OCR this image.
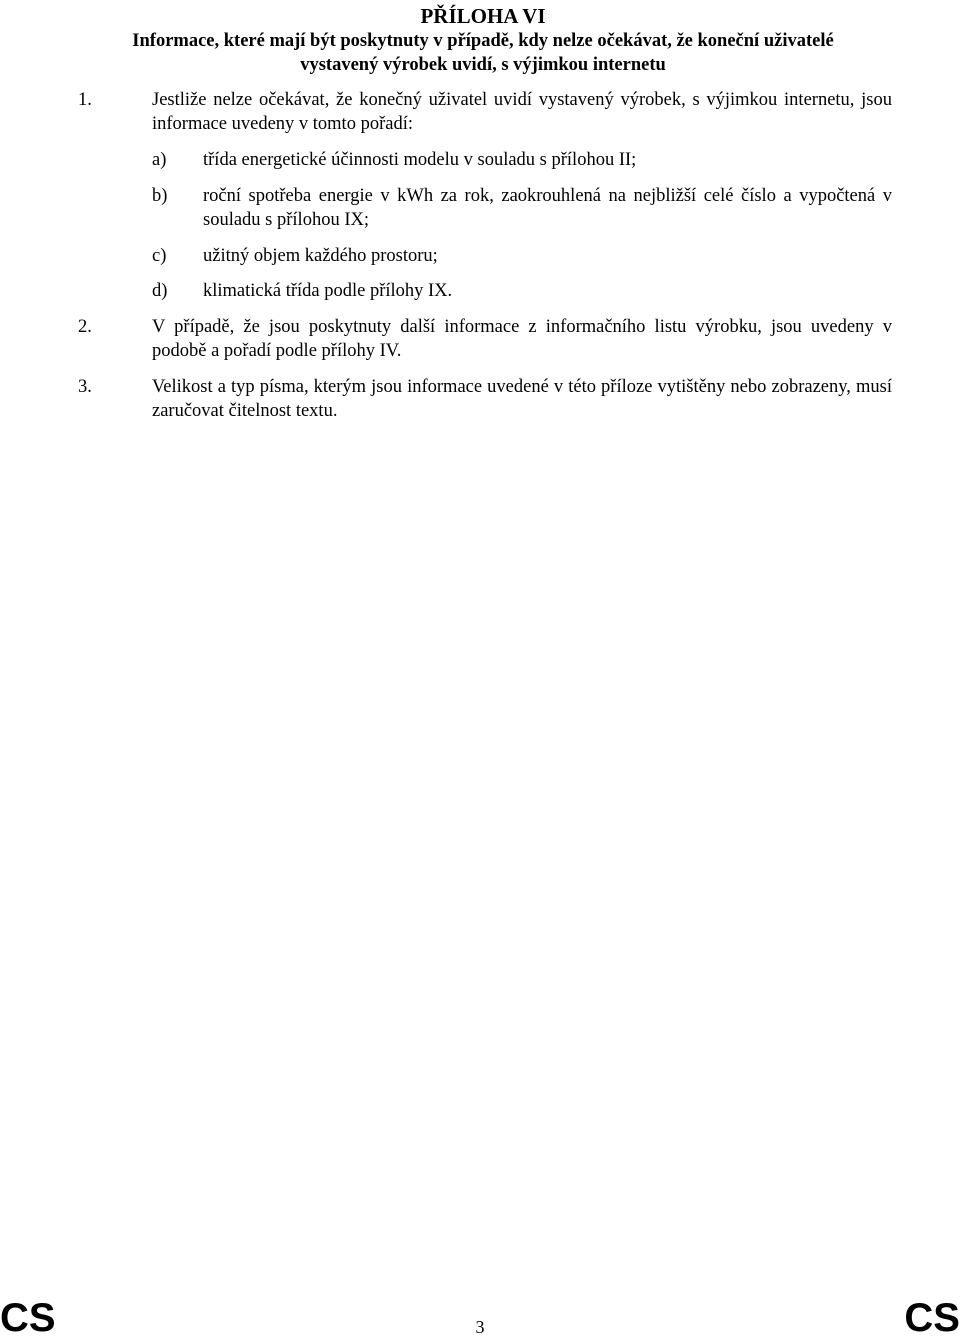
PŘÍLOHA VI
Informace, které mají být poskytnuty v případě, kdy nelze očekávat, že koneční uživatelé
vystavený výrobek uvidí, s výjimkou internetu
1.	Jestliže nelze očekávat, že konečný uživatel uvidí vystavený výrobek, s výjimkou internetu, jsou informace uvedeny v tomto pořadí:
a) třída energetické účinnosti modelu v souladu s přílohou II;
b) roční spotřeba energie v kWh za rok, zaokrouhlená na nejbližší celé číslo a vypočtená v souladu s přílohou IX;
c) užitný objem každého prostoru;
d) klimatická třída podle přílohy IX.
2.	V případě, že jsou poskytnuty další informace z informačního listu výrobku, jsou uvedeny v podobě a pořadí podle přílohy IV.
3.	Velikost a typ písma, kterým jsou informace uvedené v této příloze vytištěny nebo zobrazeny, musí zaručovat čitelnost textu.
CS	3	CS
